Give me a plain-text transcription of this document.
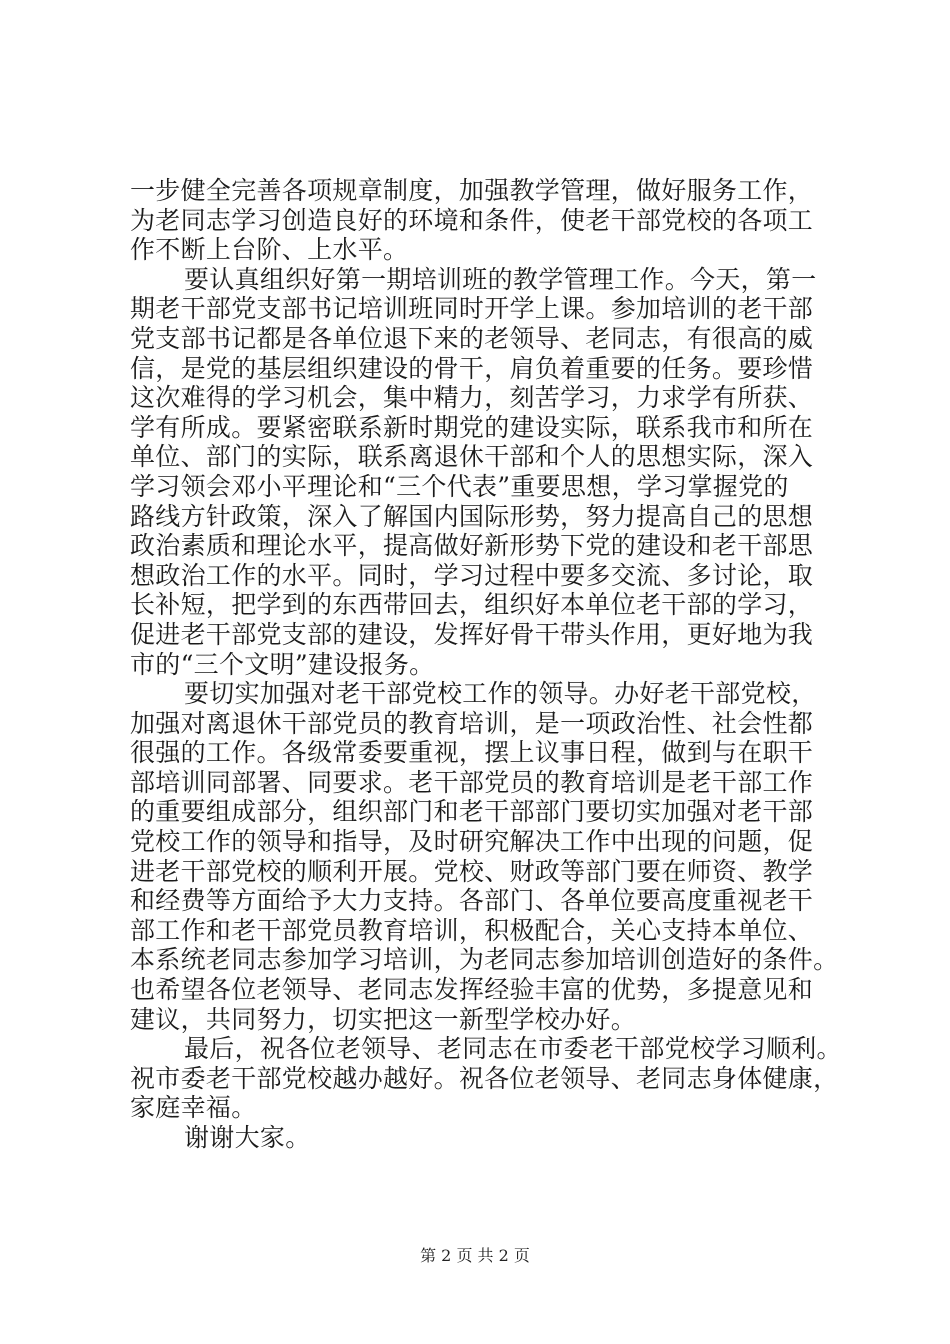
一步健全完善各项规章制度，加强教学管理，做好服务工作，
为老同志学习创造良好的环境和条件，使老干部党校的各项工
作不断上台阶、上水平。
要认真组织好第一期培训班的教学管理工作。今天，第一
期老干部党支部书记培训班同时开学上课。参加培训的老干部
党支部书记都是各单位退下来的老领导、老同志，有很高的威
信，是党的基层组织建设的骨干，肩负着重要的任务。要珍惜
这次难得的学习机会，集中精力，刻苦学习，力求学有所获、
学有所成。要紧密联系新时期党的建设实际，联系我市和所在
单位、部门的实际，联系离退休干部和个人的思想实际，深入
学习领会邓小平理论和“三个代表”重要思想，学习掌握党的
路线方针政策，深入了解国内国际形势，努力提高自己的思想
政治素质和理论水平，提高做好新形势下党的建设和老干部思
想政治工作的水平。同时，学习过程中要多交流、多讨论，取
长补短，把学到的东西带回去，组织好本单位老干部的学习，
促进老干部党支部的建设，发挥好骨干带头作用，更好地为我
市的“三个文明”建设报务。
要切实加强对老干部党校工作的领导。办好老干部党校，
加强对离退休干部党员的教育培训，是一项政治性、社会性都
很强的工作。各级常委要重视，摆上议事日程，做到与在职干
部培训同部署、同要求。老干部党员的教育培训是老干部工作
的重要组成部分，组织部门和老干部部门要切实加强对老干部
党校工作的领导和指导，及时研究解决工作中出现的问题，促
进老干部党校的顺利开展。党校、财政等部门要在师资、教学
和经费等方面给予大力支持。各部门、各单位要高度重视老干
部工作和老干部党员教育培训，积极配合，关心支持本单位、
本系统老同志参加学习培训，为老同志参加培训创造好的条件。
也希望各位老领导、老同志发挥经验丰富的优势，多提意见和
建议，共同努力，切实把这一新型学校办好。
最后，祝各位老领导、老同志在市委老干部党校学习顺利。
祝市委老干部党校越办越好。祝各位老领导、老同志身体健康，
家庭幸福。
谢谢大家。
第 2 页 共 2 页
